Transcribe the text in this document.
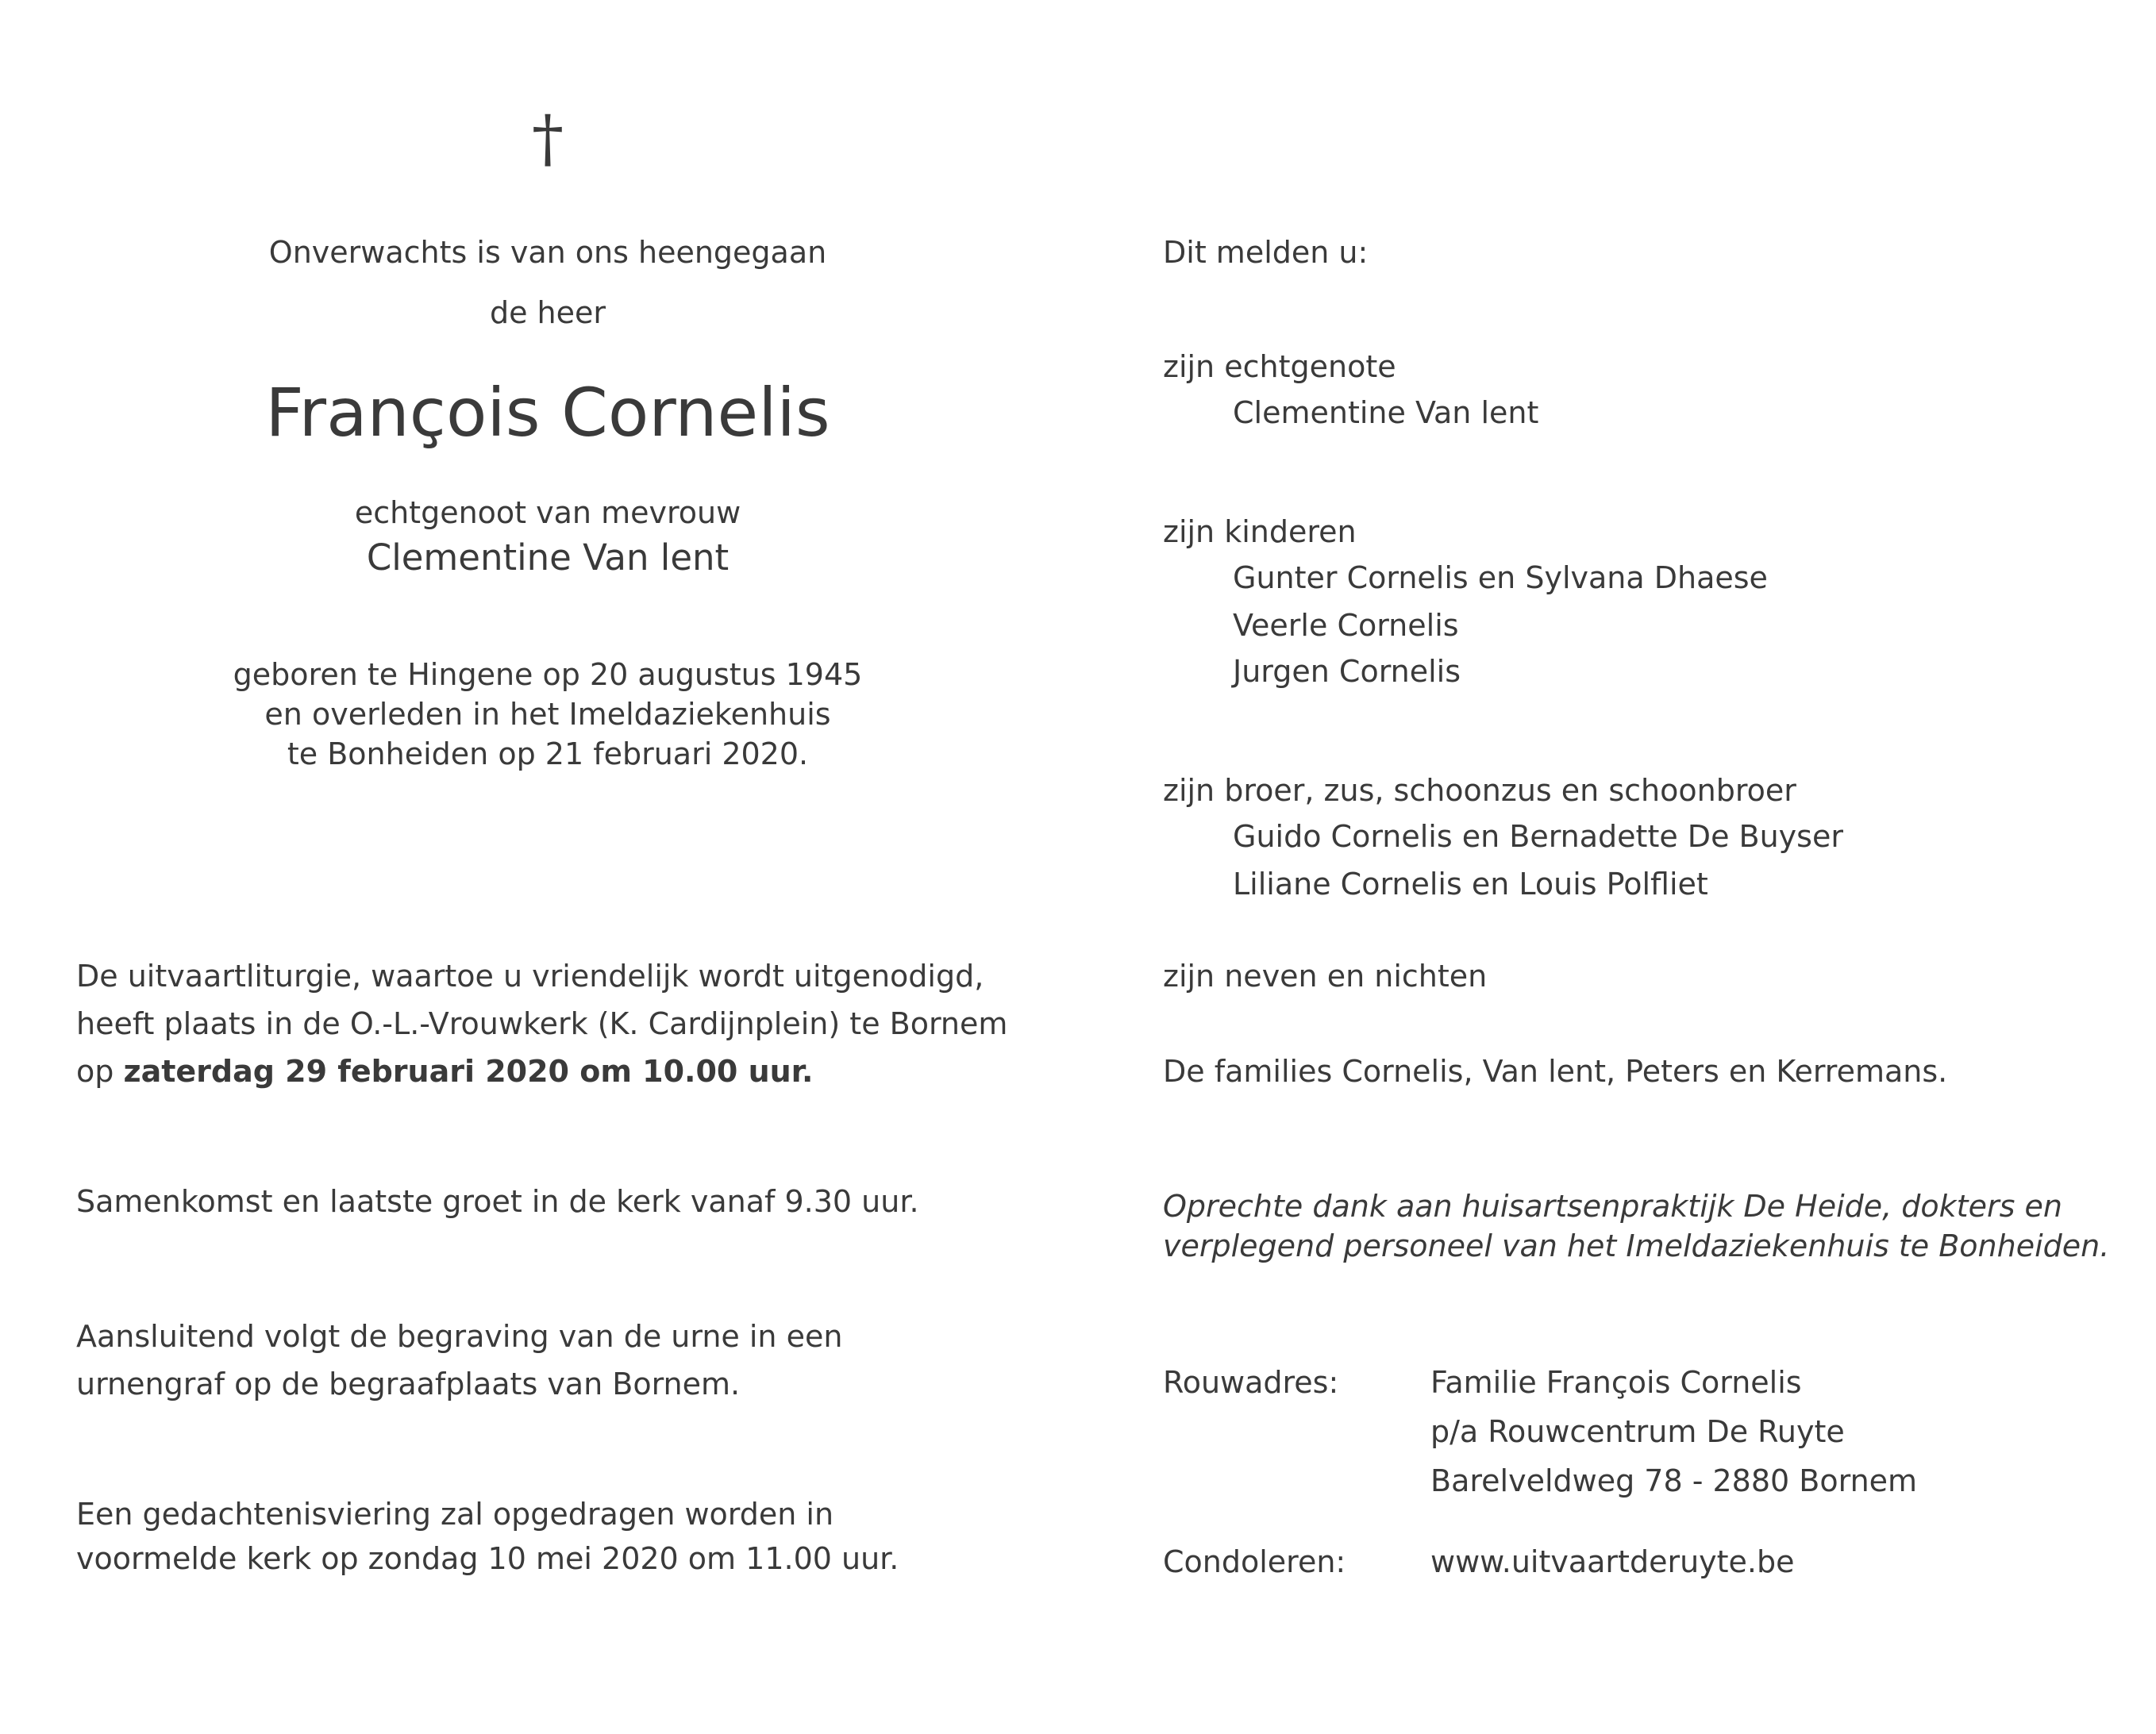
†
Onverwachts is van ons heengegaan
de heer
François Cornelis
echtgenoot van mevrouw
Clementine Van lent
geboren te Hingene op 20 augustus 1945
en overleden in het Imeldaziekenhuis
te Bonheiden op 21 februari 2020.
De uitvaartliturgie, waartoe u vriendelijk wordt uitgenodigd,
heeft plaats in de O.-L.-Vrouwkerk (K. Cardijnplein) te Bornem
op zaterdag 29 februari 2020 om 10.00 uur.
Samenkomst en laatste groet in de kerk vanaf 9.30 uur.
Aansluitend volgt de begraving van de urne in een
urnengraf op de begraafplaats van Bornem.
Een gedachtenisviering zal opgedragen worden in
voormelde kerk op zondag 10 mei 2020 om 11.00 uur.
Dit melden u:
zijn echtgenote
Clementine Van lent
zijn kinderen
Gunter Cornelis en Sylvana Dhaese
Veerle Cornelis
Jurgen Cornelis
zijn broer, zus, schoonzus en schoonbroer
Guido Cornelis en Bernadette De Buyser
Liliane Cornelis en Louis Polfliet
zijn neven en nichten
De families Cornelis, Van lent, Peters en Kerremans.
Oprechte dank aan huisartsenpraktijk De Heide, dokters en
verplegend personeel van het Imeldaziekenhuis te Bonheiden.
Rouwadres:	Familie François Cornelis
p/a Rouwcentrum De Ruyte
Barelveldweg 78 - 2880 Bornem
Condoleren:	www.uitvaartderuyte.be
